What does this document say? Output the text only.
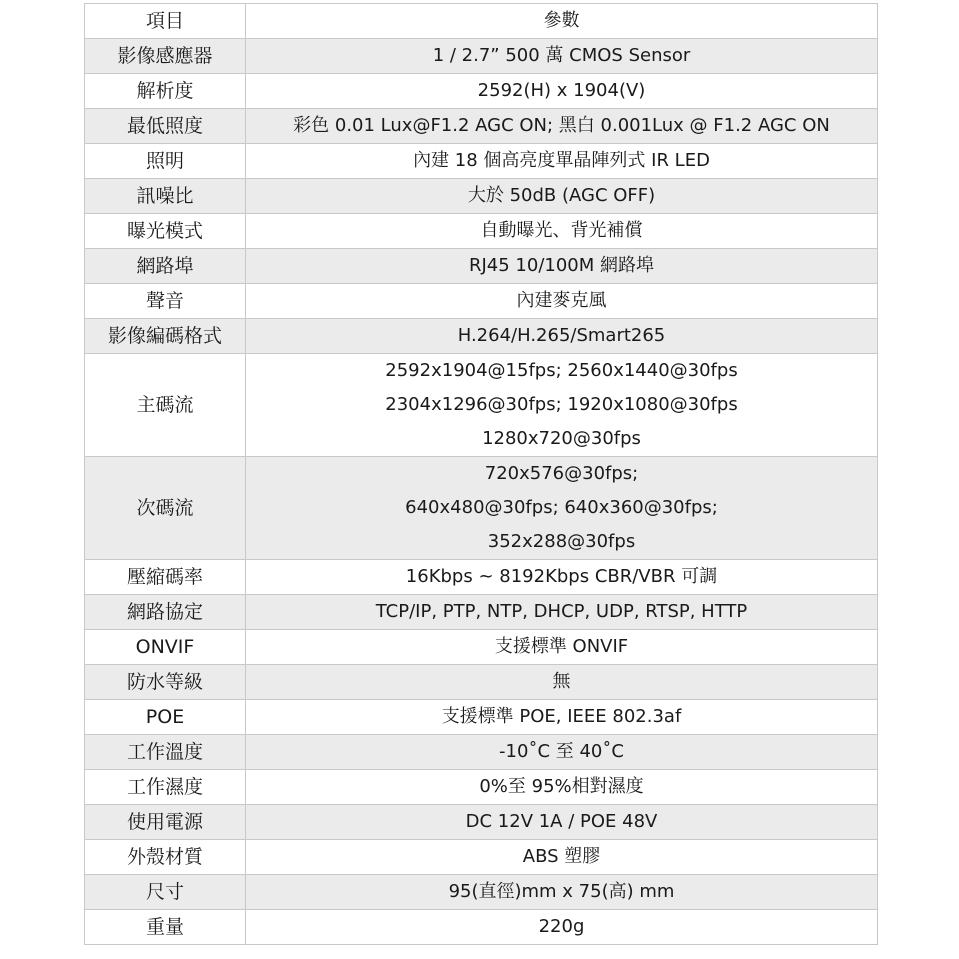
項目	參數
影像感應器	1 / 2.7” 500 萬 CMOS Sensor
解析度	2592(H) x 1904(V)
最低照度	彩色 0.01 Lux@F1.2 AGC ON; 黑白 0.001Lux @ F1.2 AGC ON
照明	內建 18 個高亮度單晶陣列式 IR LED
訊噪比	大於 50dB (AGC OFF)
曝光模式	自動曝光、背光補償
網路埠	RJ45 10/100M 網路埠
聲音	內建麥克風
影像編碼格式	H.264/H.265/Smart265
主碼流	2592x1904@15fps; 2560x1440@30fps
2304x1296@30fps; 1920x1080@30fps
1280x720@30fps

次碼流	720x576@30fps;
640x480@30fps; 640x360@30fps;
352x288@30fps

壓縮碼率	16Kbps ~ 8192Kbps CBR/VBR 可調
網路協定	TCP/IP, PTP, NTP, DHCP, UDP, RTSP, HTTP
ONVIF	支援標準 ONVIF
防水等級	無
POE	支援標準 POE, IEEE 802.3af
工作溫度	-10˚C 至 40˚C
工作濕度	0%至 95%相對濕度
使用電源	DC 12V 1A / POE 48V
外殼材質	ABS 塑膠
尺寸	95(直徑)mm x 75(高) mm
重量	220g
